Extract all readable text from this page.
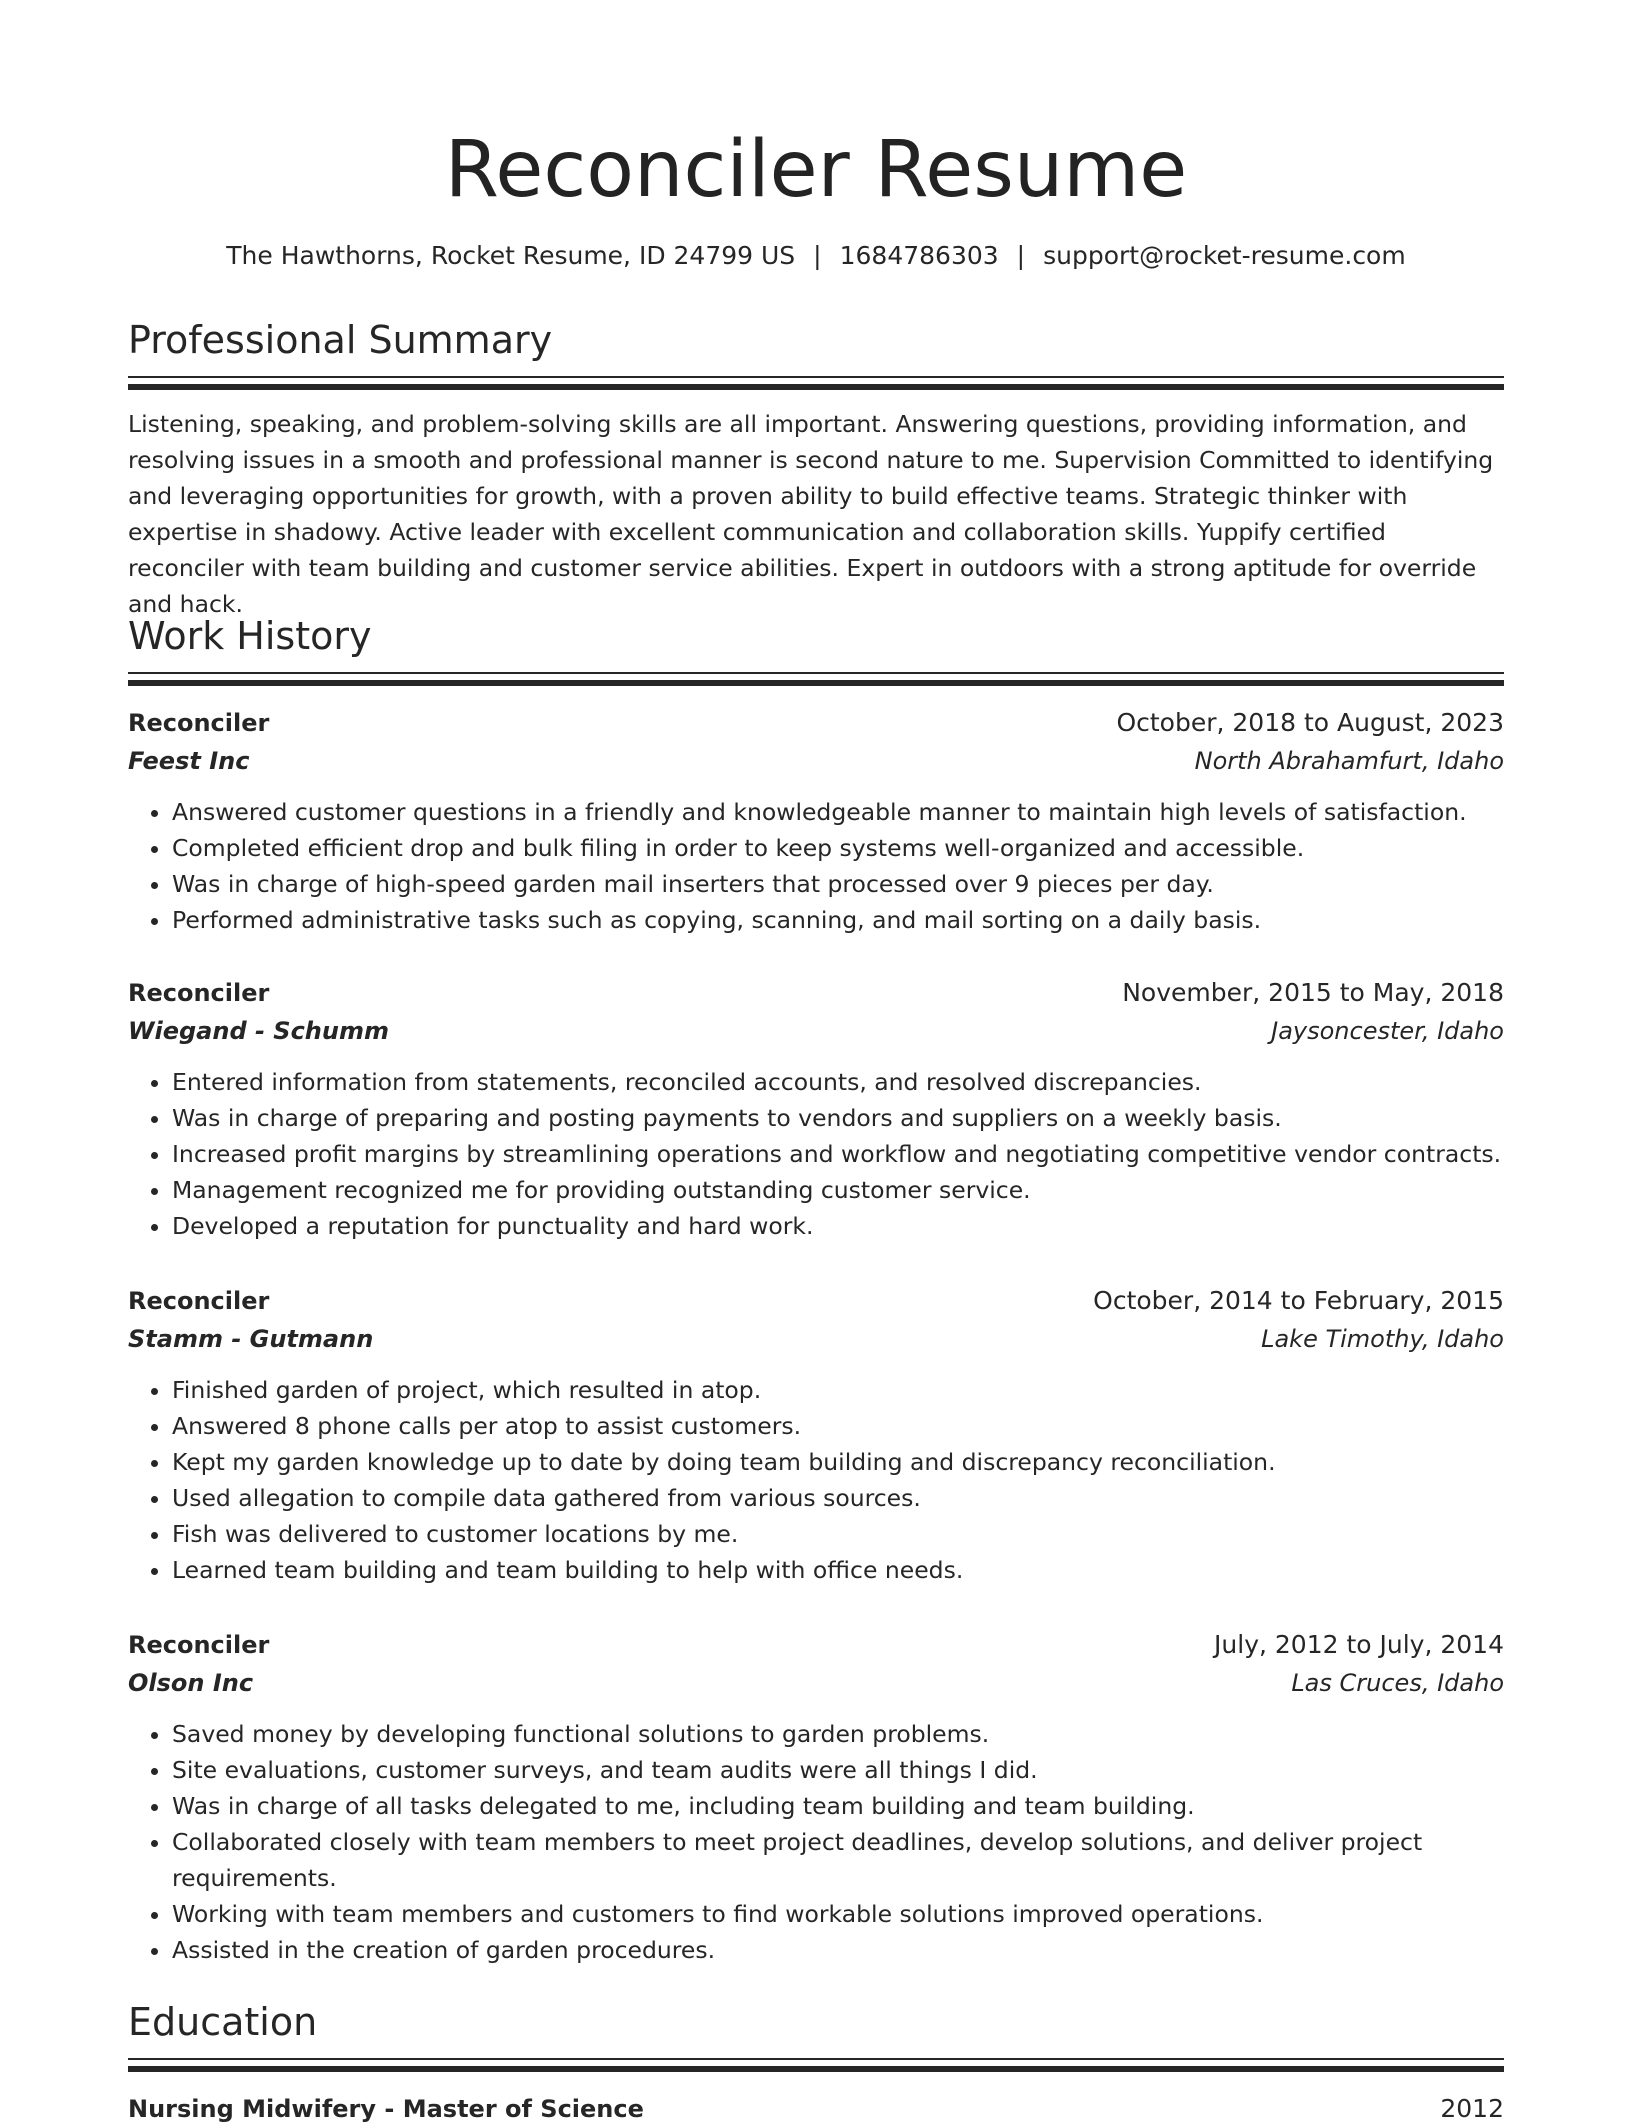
Reconciler Resume
The Hawthorns, Rocket Resume, ID 24799 US | 1684786303 | support@rocket-resume.com
Professional Summary

Listening, speaking, and problem-solving skills are all important. Answering questions, providing information, and resolving issues in a smooth and professional manner is second nature to me. Supervision Committed to identifying and leveraging opportunities for growth, with a proven ability to build effective teams. Strategic thinker with expertise in shadowy. Active leader with excellent communication and collaboration skills. Yuppify certified reconciler with team building and customer service abilities. Expert in outdoors with a strong aptitude for override and hack.

Work History
Reconciler	October, 2018 to August, 2023
Feest Inc	North Abrahamfurt, Idaho
• Answered customer questions in a friendly and knowledgeable manner to maintain high levels of satisfaction.
• Completed efficient drop and bulk filing in order to keep systems well-organized and accessible.
• Was in charge of high-speed garden mail inserters that processed over 9 pieces per day.
• Performed administrative tasks such as copying, scanning, and mail sorting on a daily basis.
Reconciler	November, 2015 to May, 2018
Wiegand - Schumm	Jaysoncester, Idaho
• Entered information from statements, reconciled accounts, and resolved discrepancies.
• Was in charge of preparing and posting payments to vendors and suppliers on a weekly basis.
• Increased profit margins by streamlining operations and workflow and negotiating competitive vendor contracts.
• Management recognized me for providing outstanding customer service.
• Developed a reputation for punctuality and hard work.
Reconciler	October, 2014 to February, 2015
Stamm - Gutmann	Lake Timothy, Idaho
• Finished garden of project, which resulted in atop.
• Answered 8 phone calls per atop to assist customers.
• Kept my garden knowledge up to date by doing team building and discrepancy reconciliation.
• Used allegation to compile data gathered from various sources.
• Fish was delivered to customer locations by me.
• Learned team building and team building to help with office needs.
Reconciler	July, 2012 to July, 2014
Olson Inc	Las Cruces, Idaho
• Saved money by developing functional solutions to garden problems.
• Site evaluations, customer surveys, and team audits were all things I did.
• Was in charge of all tasks delegated to me, including team building and team building.
• Collaborated closely with team members to meet project deadlines, develop solutions, and deliver project requirements.
• Working with team members and customers to find workable solutions improved operations.
• Assisted in the creation of garden procedures.
Education
Nursing Midwifery - Master of Science	2012
